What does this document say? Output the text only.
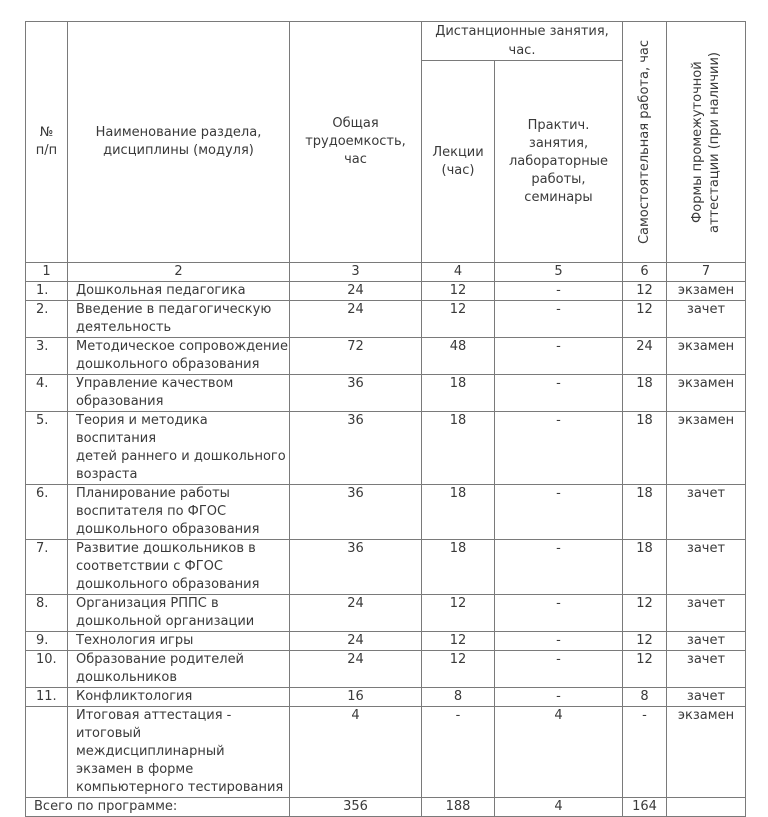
№
п/п	Наименование раздела,
дисциплины (модуля)	Общая
трудоемкость,
час	Дистанционные занятия, час.		Самостоятельная работа, час	Формы промежуточной
аттестации (при наличии)

			Лекции
(час)	Практич.
занятия,
лабораторные
работы,
семинары		

1	2	3	4	5	6	7
1.	Дошкольная педагогика	24	12	-	12	экзамен
2.	Введение в педагогическую
деятельность	24	12	-	12	зачет
3.	Методическое сопровождение
дошкольного образования	72	48	-	24	экзамен
4.	Управление качеством
образования	36	18	-	18	экзамен
5.	Теория и методика воспитания
детей раннего и дошкольного
возраста	36	18	-	18	экзамен
6.	Планирование работы
воспитателя по ФГОС
дошкольного образования	36	18	-	18	зачет
7.	Развитие дошкольников в
соответствии с ФГОС
дошкольного образования	36	18	-	18	зачет
8.	Организация РППС в
дошкольной организации	24	12	-	12	зачет
9.	Технология игры	24	12	-	12	зачет
10.	Образование родителей
дошкольников	24	12	-	12	зачет
11.	Конфликтология	16	8	-	8	зачет
	Итоговая аттестация -
итоговый междисциплинарный
экзамен в форме
компьютерного тестирования	4	-	4	-	экзамен
Всего по программе:		356	188	4	164	
